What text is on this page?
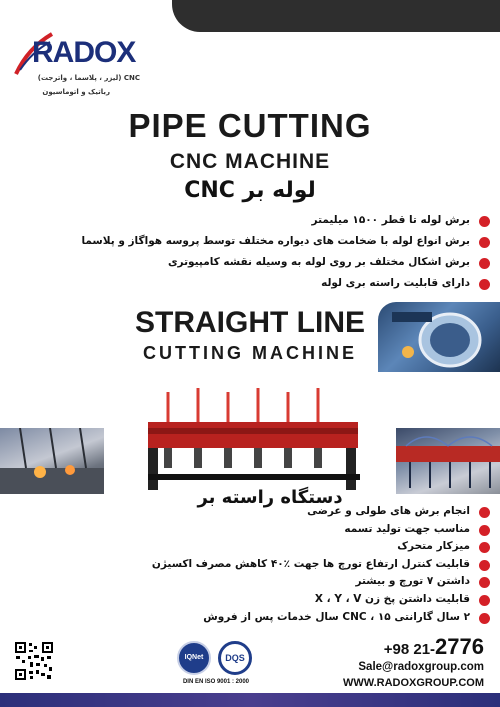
RADOX
CNC (لیزر ، پلاسما ، واترجت)
رباتیک و اتوماسیون
PIPE CUTTING
CNC MACHINE
لوله بر CNC
برش لوله تا قطر ۱۵۰۰ میلیمتر
برش انواع لوله با ضخامت های دیواره مختلف توسط پروسه هواگاز و پلاسما
برش اشکال مختلف بر روی لوله به وسیله نقشه کامپیوتری
دارای قابلیت راسته بری لوله
STRAIGHT LINE
CUTTING MACHINE
دستگاه راسته بر
انجام برش های طولی و عرضی
مناسب جهت تولید تسمه
میزکار متحرک
قابلیت کنترل ارتفاع تورچ ها جهت ٪۴۰ کاهش مصرف اکسیژن
داشتن ۷ تورچ و بیشتر
قابلیت داشتن پخ زن X ، Y ، V
۲ سال گارانتی CNC ، ۱۵ سال خدمات پس از فروش
IQNet	DQS
DIN EN ISO 9001 : 2000
+98 21-2776
Sale@radoxgroup.com
WWW.RADOXGROUP.COM
